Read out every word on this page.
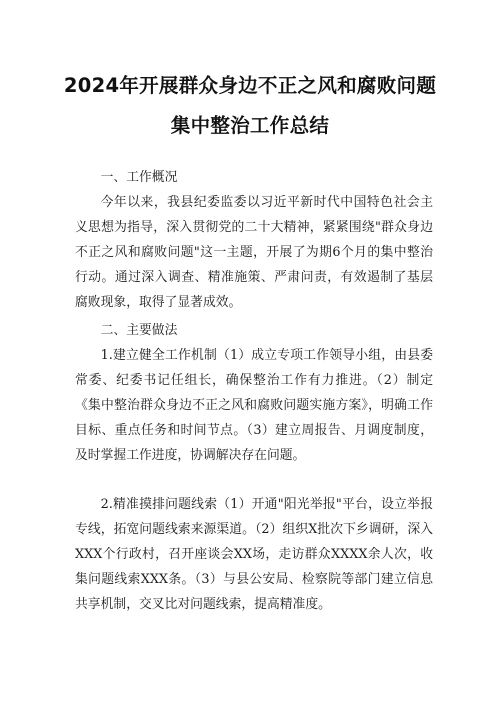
2024年开展群众身边不正之风和腐败问题
集中整治工作总结

一、工作概况

今年以来，我县纪委监委以习近平新时代中国特色社会主义思想为指导，深入贯彻党的二十大精神，紧紧围绕"群众身边不正之风和腐败问题"这一主题，开展了为期6个月的集中整治行动。通过深入调查、精准施策、严肃问责，有效遏制了基层腐败现象，取得了显著成效。

二、主要做法

1.建立健全工作机制（1）成立专项工作领导小组，由县委常委、纪委书记任组长，确保整治工作有力推进。（2）制定《集中整治群众身边不正之风和腐败问题实施方案》，明确工作目标、重点任务和时间节点。（3）建立周报告、月调度制度，及时掌握工作进度，协调解决存在问题。

2.精准摸排问题线索（1）开通"阳光举报"平台，设立举报专线，拓宽问题线索来源渠道。（2）组织X批次下乡调研，深入XXX个行政村，召开座谈会XX场，走访群众XXXX余人次，收集问题线索XXX条。（3）与县公安局、检察院等部门建立信息共享机制，交叉比对问题线索，提高精准度。
